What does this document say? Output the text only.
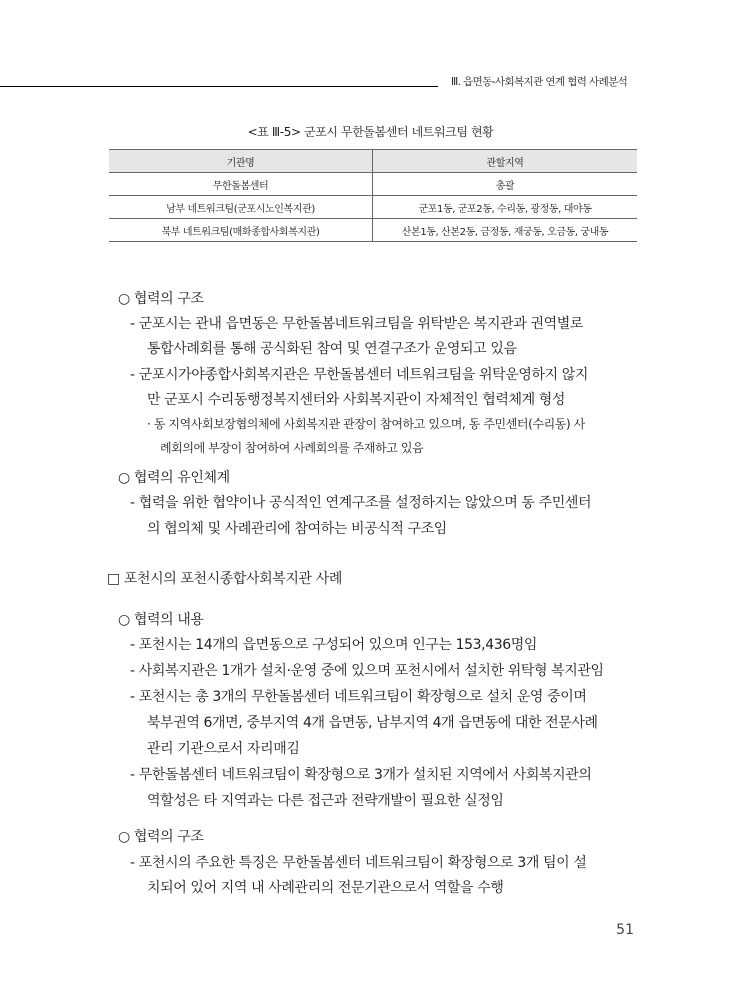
Ⅲ. 읍면동-사회복지관 연계 협력 사례분석
<표 Ⅲ-5> 군포시 무한돌봄센터 네트워크팀 현황
기관명	관할지역
무한돌봄센터	총괄
남부 네트워크팀(군포시노인복지관)	군포1동, 군포2동, 수리동, 광정동, 대야동
북부 네트워크팀(매화종합사회복지관)	산본1동, 산본2동, 금정동, 재궁동, 오금동, 궁내동
○ 협력의 구조
- 군포시는 관내 읍면동은 무한돌봄네트워크팀을 위탁받은 복지관과 권역별로
통합사례회를 통해 공식화된 참여 및 연결구조가 운영되고 있음
- 군포시가야종합사회복지관은 무한돌봄센터 네트워크팀을 위탁운영하지 않지
만 군포시 수리동행정복지센터와 사회복지관이 자체적인 협력체계 형성
· 동 지역사회보장협의체에 사회복지관 관장이 참여하고 있으며, 동 주민센터(수리동) 사
례회의에 부장이 참여하여 사례회의를 주재하고 있음
○ 협력의 유인체계
- 협력을 위한 협약이나 공식적인 연계구조를 설정하지는 않았으며 동 주민센터
의 협의체 및 사례관리에 참여하는 비공식적 구조임
□ 포천시의 포천시종합사회복지관 사례
○ 협력의 내용
- 포천시는 14개의 읍면동으로 구성되어 있으며 인구는 153,436명임
- 사회복지관은 1개가 설치·운영 중에 있으며 포천시에서 설치한 위탁형 복지관임
- 포천시는 총 3개의 무한돌봄센터 네트워크팀이 확장형으로 설치 운영 중이며
북부권역 6개면, 중부지역 4개 읍면동, 남부지역 4개 읍면동에 대한 전문사례
관리 기관으로서 자리매김
- 무한돌봄센터 네트워크팀이 확장형으로 3개가 설치된 지역에서 사회복지관의
역할성은 타 지역과는 다른 접근과 전략개발이 필요한 실정임
○ 협력의 구조
- 포천시의 주요한 특징은 무한돌봄센터 네트워크팀이 확장형으로 3개 팀이 설
치되어 있어 지역 내 사례관리의 전문기관으로서 역할을 수행
51
